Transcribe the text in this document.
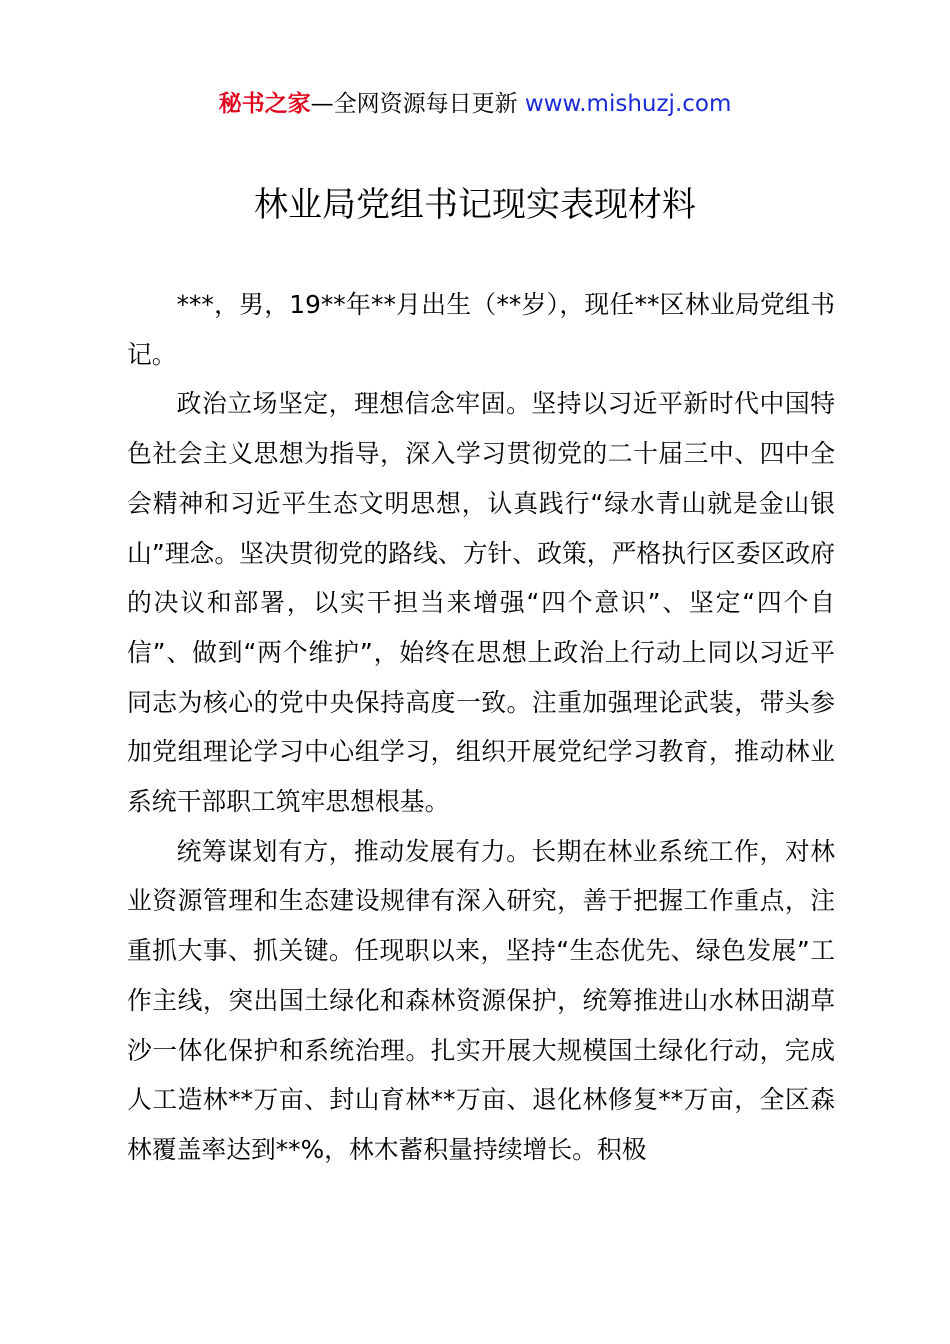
秘书之家—全网资源每日更新 www.mishuzj.com
林业局党组书记现实表现材料

***，男，19**年**月出生（**岁），现任**区林业局党组书记。

政治立场坚定，理想信念牢固。坚持以习近平新时代中国特色社会主义思想为指导，深入学习贯彻党的二十届三中、四中全会精神和习近平生态文明思想，认真践行“绿水青山就是金山银山”理念。坚决贯彻党的路线、方针、政策，严格执行区委区政府的决议和部署，以实干担当来增强“四个意识”、坚定“四个自信”、做到“两个维护”，始终在思想上政治上行动上同以习近平同志为核心的党中央保持高度一致。注重加强理论武装，带头参加党组理论学习中心组学习，组织开展党纪学习教育，推动林业系统干部职工筑牢思想根基。

统筹谋划有方，推动发展有力。长期在林业系统工作，对林业资源管理和生态建设规律有深入研究，善于把握工作重点，注重抓大事、抓关键。任现职以来，坚持“生态优先、绿色发展”工作主线，突出国土绿化和森林资源保护，统筹推进山水林田湖草沙一体化保护和系统治理。扎实开展大规模国土绿化行动，完成人工造林**万亩、封山育林**万亩、退化林修复**万亩，全区森林覆盖率达到**%，林木蓄积量持续增长。积极
